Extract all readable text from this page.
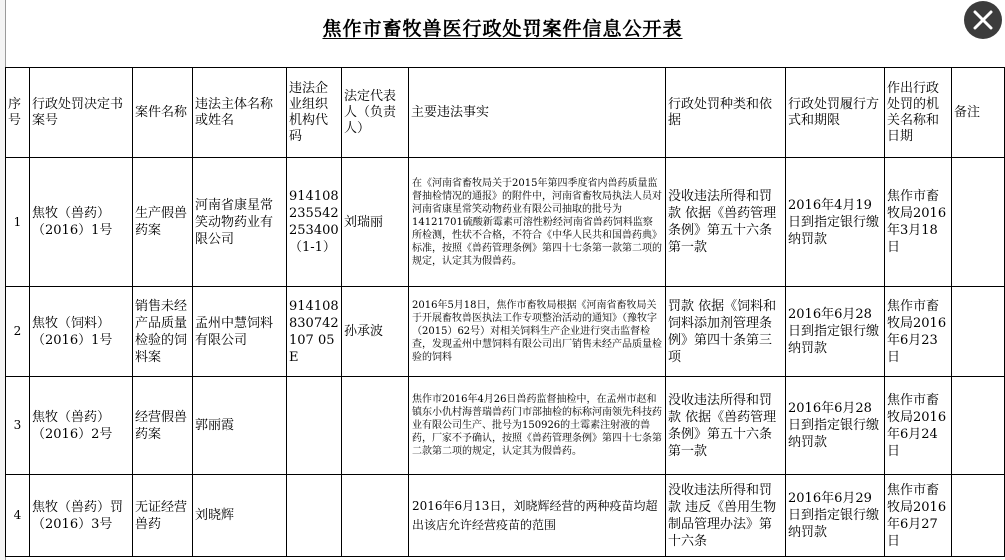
焦作市畜牧兽医行政处罚案件信息公开表
序号	行政处罚决定书案号	案件名称	违法主体名称或姓名	违法企业组织机构代码	法定代表人（负责人）	主要违法事实	行政处罚种类和依据	行政处罚履行方式和期限	作出行政处罚的机关名称和日期	备注
1	焦牧（兽药）（2016）1号	生产假兽药案	河南省康星常笑动物药业有限公司	914108235542253400（1-1）	刘瑞丽	在《河南省畜牧局关于2015年第四季度省内兽药质量监督抽检情况的通报》的附件中，河南省畜牧局执法人员对河南省康星常笑动物药业有限公司抽取的批号为14121701硫酸新霉素可溶性粉经河南省兽药饲料监察所检测，性状不合格，不符合《中华人民共和国兽药典》标准，按照《兽药管理条例》第四十七条第一款第二项的规定，认定其为假兽药。	没收违法所得和罚款 依据《兽药管理条例》第五十六条第一款	2016年4月19日到指定银行缴纳罚款	焦作市畜牧局2016年3月18日	
2	焦牧（饲料）（2016）1号	销售未经产品质量检验的饲料案	孟州中慧饲料有限公司	914108830742107 05E	孙承波	2016年5月18日，焦作市畜牧局根据《河南省畜牧局关于开展畜牧兽医执法工作专项整治活动的通知》（豫牧字（2015）62号）对相关饲料生产企业进行突击监督检查，发现孟州中慧饲料有限公司出厂销售未经产品质量检验的饲料	罚款 依据《饲料和饲料添加剂管理条例》第四十条第三项	2016年6月28日到指定银行缴纳罚款	焦作市畜牧局2016年6月23日	
3	焦牧（兽药）（2016）2号	经营假兽药案	郭丽霞			焦作市2016年4月26日兽药监督抽检中，在孟州市赵和镇东小仇村海普瑞兽药门市部抽检的标称河南领先科技药业有限公司生产、批号为150926的土霉素注射液的兽药，厂家不予确认，按照《兽药管理条例》第四十七条第二款第二项的规定，认定其为假兽药。	没收违法所得和罚款 依据《兽药管理条例》第五十六条第一款	2016年6月28日到指定银行缴纳罚款	焦作市畜牧局2016年6月24日	
4	焦牧（兽药）罚（2016）3号	无证经营兽药	刘晓辉			2016年6月13日，刘晓辉经营的两种疫苗均超出该店允许经营疫苗的范围	没收违法所得和罚款 违反《兽用生物制品管理办法》第十六条	2016年6月29日到指定银行缴纳罚款	焦作市畜牧局2016年6月27日	
